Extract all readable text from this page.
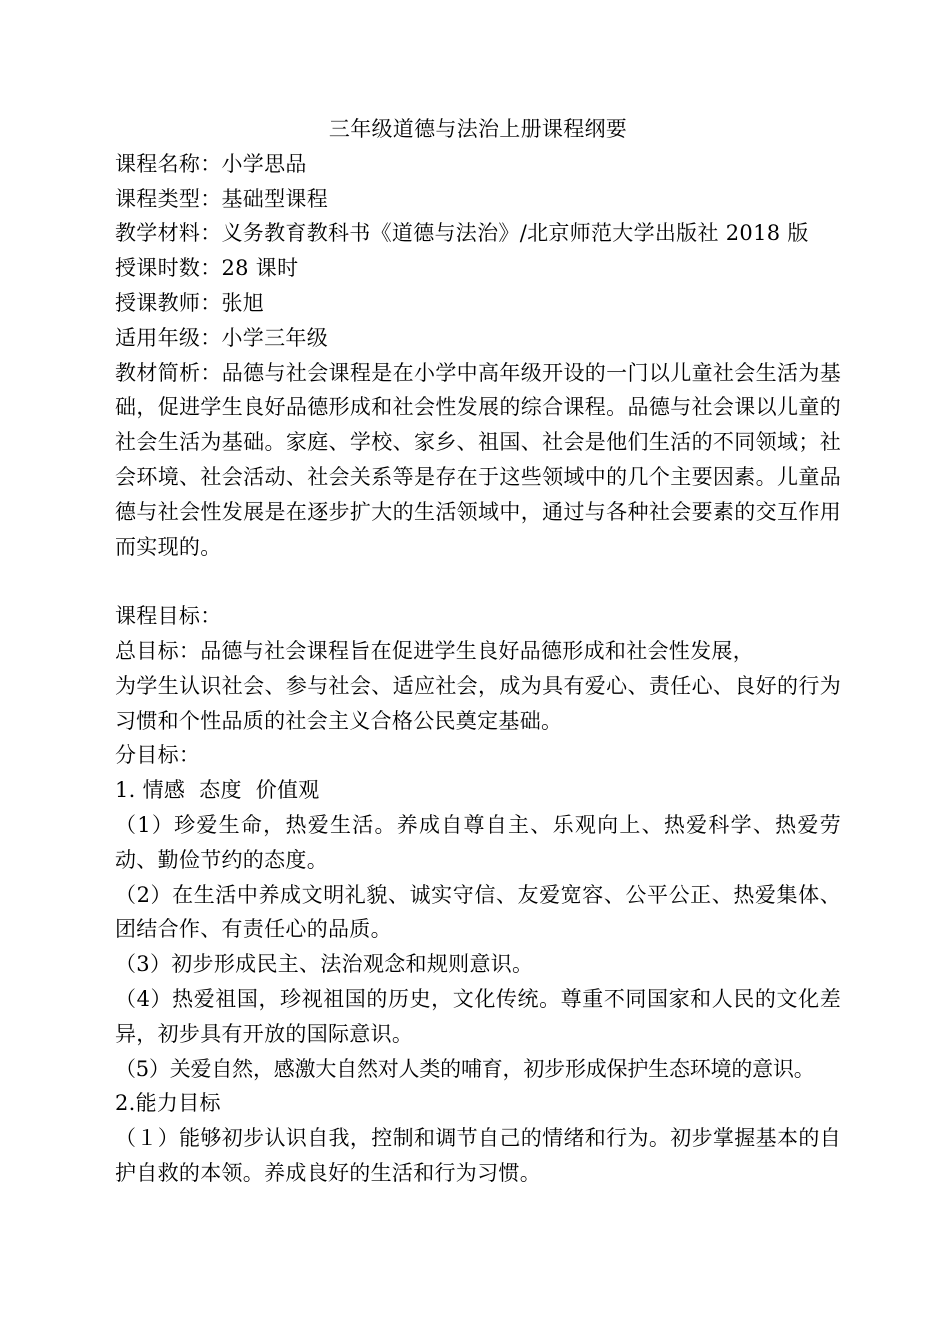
三年级道德与法治上册课程纲要

课程名称：小学思品

课程类型：基础型课程

教学材料：义务教育教科书《道德与法治》/北京师范大学出版社 2018 版

授课时数：28 课时

授课教师：张旭

适用年级：小学三年级

教材简析：品德与社会课程是在小学中高年级开设的一门以儿童社会生活为基础，促进学生良好品德形成和社会性发展的综合课程。品德与社会课以儿童的社会生活为基础。家庭、学校、家乡、祖国、社会是他们生活的不同领域；社会环境、社会活动、社会关系等是存在于这些领域中的几个主要因素。儿童品德与社会性发展是在逐步扩大的生活领域中，通过与各种社会要素的交互作用而实现的。

课程目标：

总目标：品德与社会课程旨在促进学生良好品德形成和社会性发展，

为学生认识社会、参与社会、适应社会，成为具有爱心、责任心、良好的行为习惯和个性品质的社会主义合格公民奠定基础。

分目标：

1. 情感  态度  价值观

（1）珍爱生命，热爱生活。养成自尊自主、乐观向上、热爱科学、热爱劳动、勤俭节约的态度。

（2）在生活中养成文明礼貌、诚实守信、友爱宽容、公平公正、热爱集体、团结合作、有责任心的品质。

（3）初步形成民主、法治观念和规则意识。

（4）热爱祖国，珍视祖国的历史，文化传统。尊重不同国家和人民的文化差异，初步具有开放的国际意识。

（5）关爱自然，感激大自然对人类的哺育，初步形成保护生态环境的意识。

2.能力目标

（１）能够初步认识自我，控制和调节自己的情绪和行为。初步掌握基本的自护自救的本领。养成良好的生活和行为习惯。
